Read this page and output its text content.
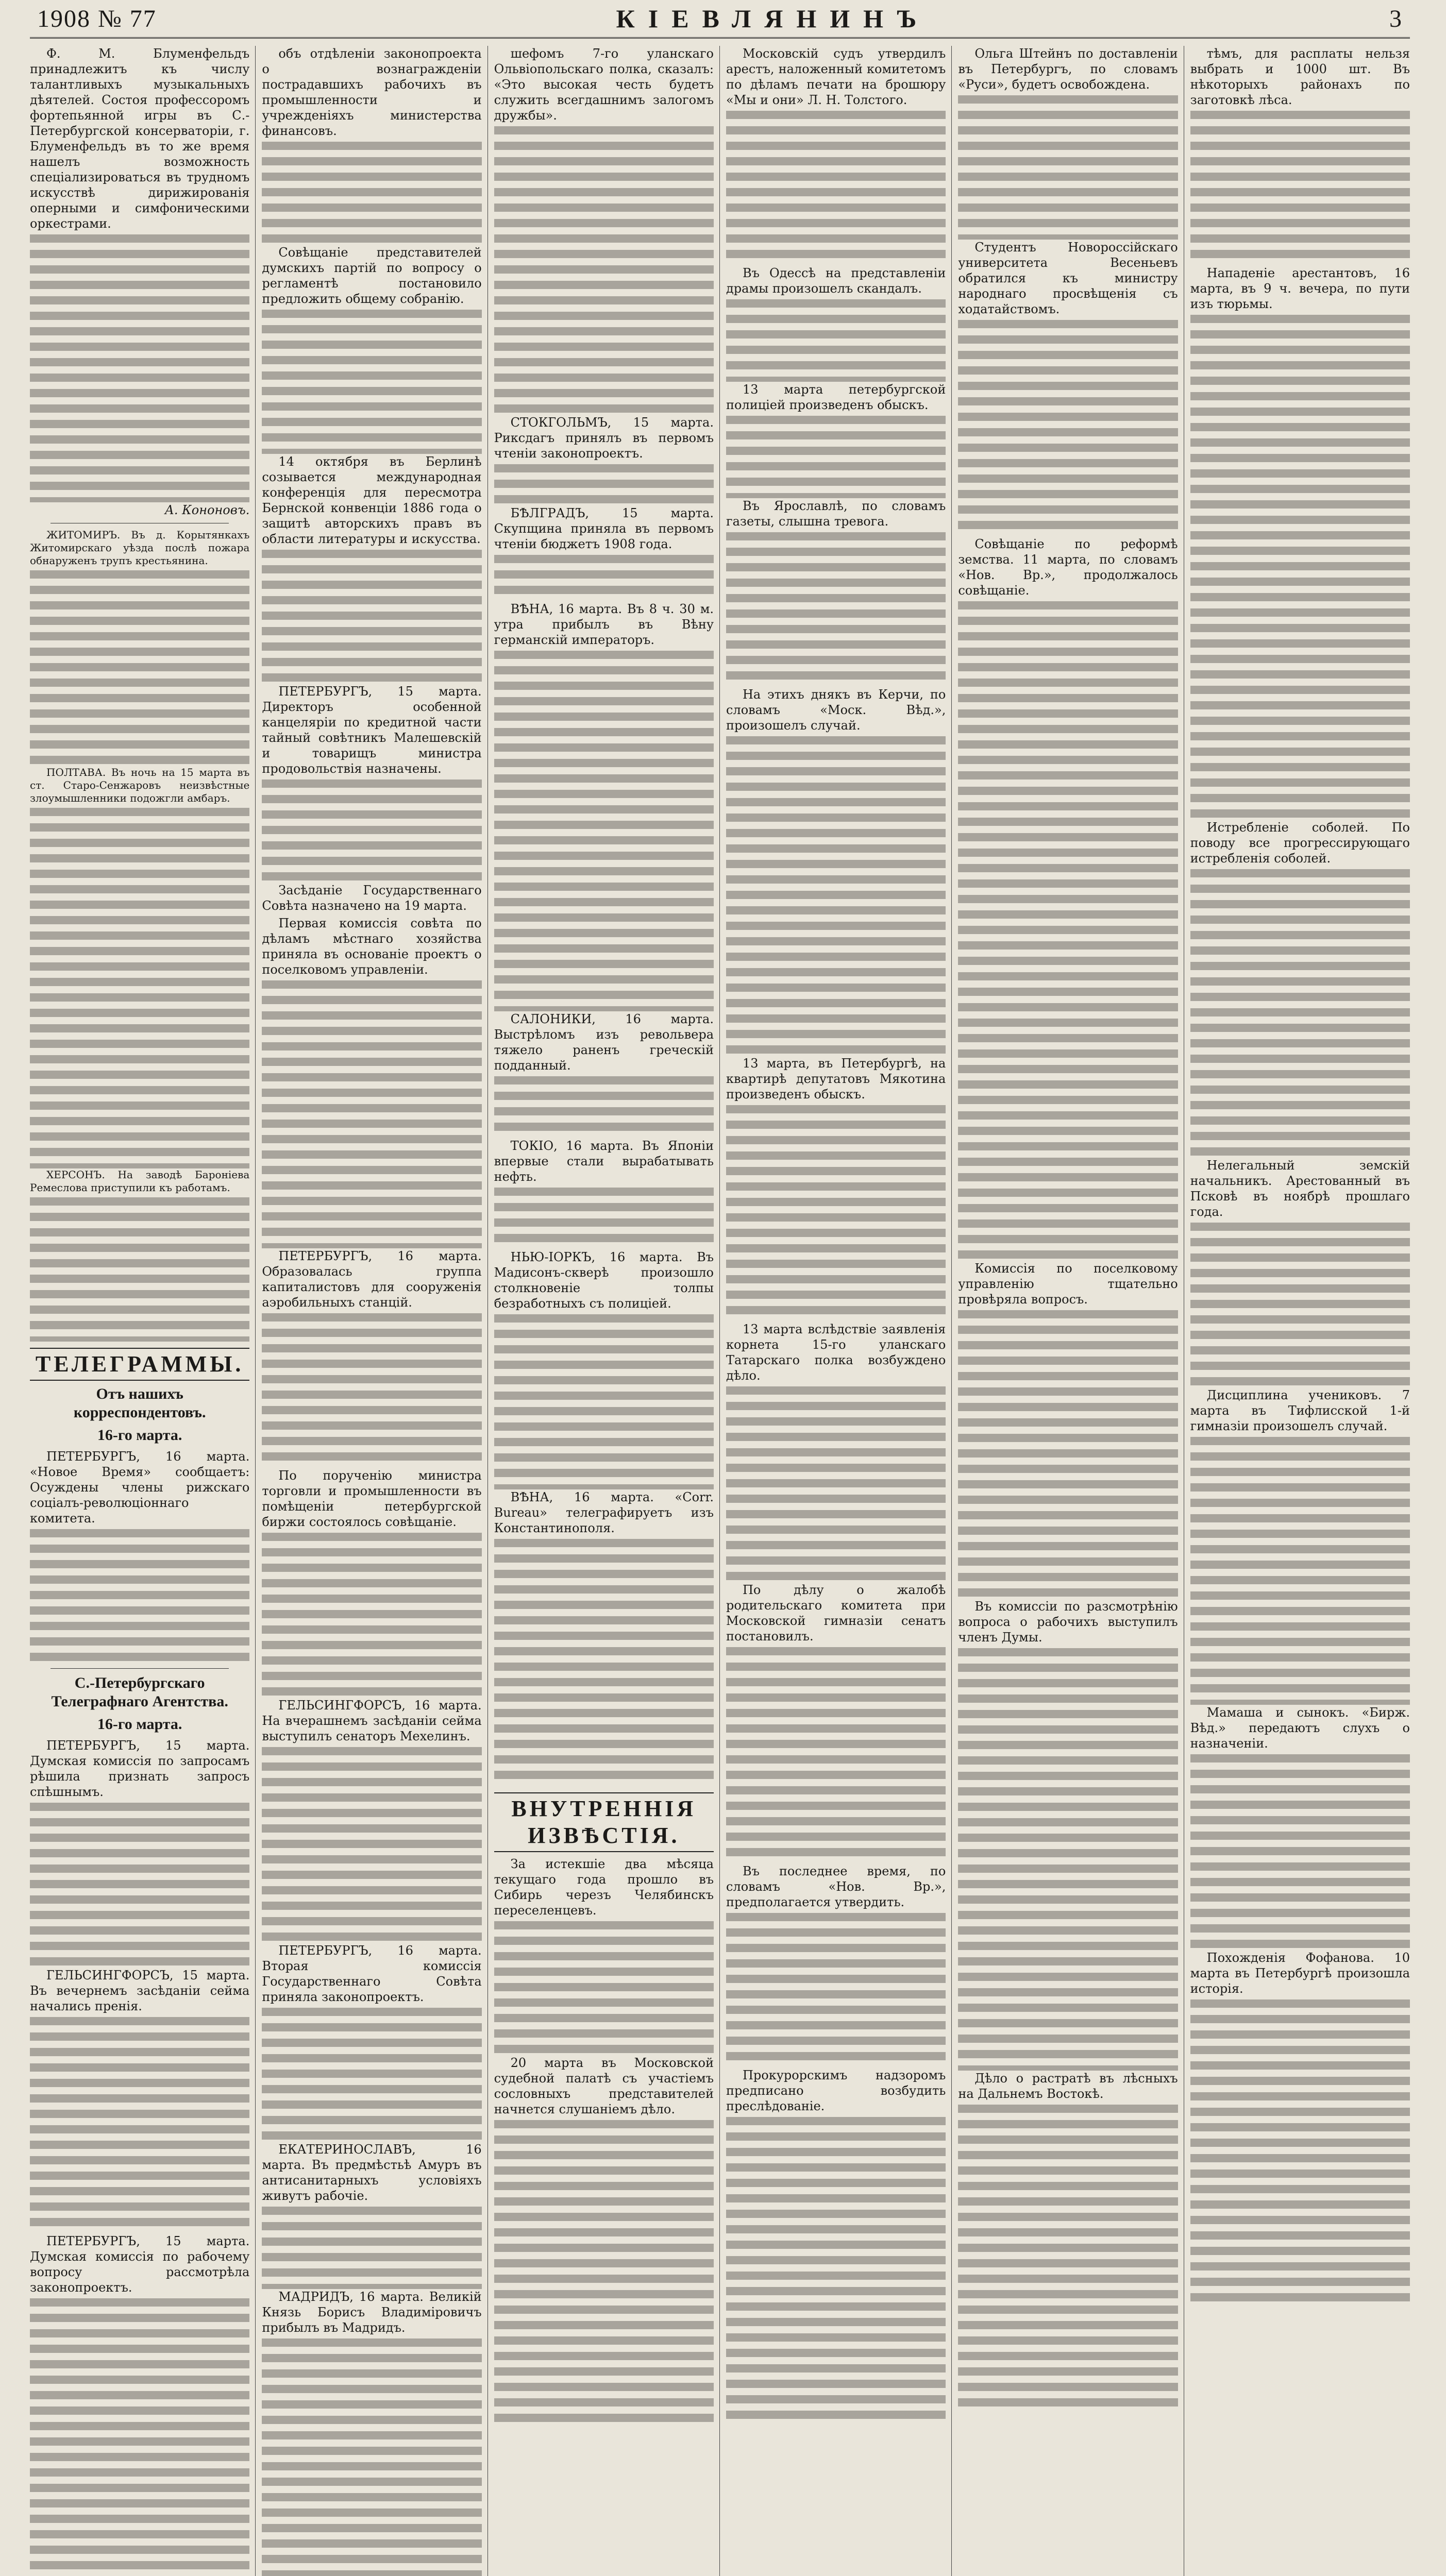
1908 № 77	КІЕВЛЯНИНЪ	3

Ф. М. Блуменфельдъ принадлежитъ къ числу талантливыхъ музыкальныхъ дѣятелей. Состоя профессоромъ фортепьянной игры въ С.-Петербургской консерваторіи, г. Блуменфельдъ въ то же время нашелъ возможность спеціализироваться въ трудномъ искусствѣ дирижированія оперными и симфоническими оркестрами.

А. Кононовъ.

ЖИТОМИРЪ. Въ д. Корытянкахъ Житомирскаго уѣзда послѣ пожара обнаруженъ трупъ крестьянина.

ПОЛТАВА. Въ ночь на 15 марта въ ст. Старо-Сенжаровъ неизвѣстные злоумышленники подожгли амбаръ.

ХЕРСОНЪ. На заводѣ Бароніева Ремеслова приступили къ работамъ.

ТЕЛЕГРАММЫ.
Отъ нашихъ корреспондентовъ.
16-го марта.

ПЕТЕРБУРГЪ, 16 марта. «Новое Время» сообщаетъ: Осуждены члены рижскаго соціалъ-революціоннаго комитета.

С.-Петербургскаго Телеграфнаго Агентства.
16-го марта.

ПЕТЕРБУРГЪ, 15 марта. Думская комиссія по запросамъ рѣшила признать запросъ спѣшнымъ.

ГЕЛЬСИНГФОРСЪ, 15 марта. Въ вечернемъ засѣданіи сейма начались пренія.

ПЕТЕРБУРГЪ, 15 марта. Думская комиссія по рабочему вопросу рассмотрѣла законопроектъ.

объ отдѣленіи законопроекта о вознагражденіи пострадавшихъ рабочихъ въ промышленности и учрежденіяхъ министерства финансовъ.

Совѣщаніе представителей думскихъ партій по вопросу о регламентѣ постановило предложить общему собранію.

14 октября въ Берлинѣ созывается международная конференція для пересмотра Бернской конвенціи 1886 года о защитѣ авторскихъ правъ въ области литературы и искусства.

ПЕТЕРБУРГЪ, 15 марта. Директоръ особенной канцеляріи по кредитной части тайный совѣтникъ Малешевскій и товарищъ министра продовольствія назначены.

Засѣданіе Государственнаго Совѣта назначено на 19 марта.

Первая комиссія совѣта по дѣламъ мѣстнаго хозяйства приняла въ основаніе проектъ о поселковомъ управленіи.

ПЕТЕРБУРГЪ, 16 марта. Образовалась группа капиталистовъ для сооруженія аэробильныхъ станцій.

По порученію министра торговли и промышленности въ помѣщеніи петербургской биржи состоялось совѣщаніе.

ГЕЛЬСИНГФОРСЪ, 16 марта. На вчерашнемъ засѣданіи сейма выступилъ сенаторъ Мехелинъ.

ПЕТЕРБУРГЪ, 16 марта. Вторая комиссія Государственнаго Совѣта приняла законопроектъ.

ЕКАТЕРИНОСЛАВЪ, 16 марта. Въ предмѣстьѣ Амуръ въ антисанитарныхъ условіяхъ живутъ рабочіе.

МАДРИДЪ, 16 марта. Великій Князь Борисъ Владиміровичъ прибылъ въ Мадридъ.

шефомъ 7-го уланскаго Ольвіопольскаго полка, сказалъ: «Это высокая честь будетъ служить всегдашнимъ залогомъ дружбы».

СТОКГОЛЬМЪ, 15 марта. Риксдагъ принялъ въ первомъ чтеніи законопроектъ.

БѢЛГРАДЪ, 15 марта. Скупщина приняла въ первомъ чтеніи бюджетъ 1908 года.

ВѢНА, 16 марта. Въ 8 ч. 30 м. утра прибылъ въ Вѣну германскій императоръ.

САЛОНИКИ, 16 марта. Выстрѣломъ изъ револьвера тяжело раненъ греческій подданный.

ТОКІО, 16 марта. Въ Японіи впервые стали вырабатывать нефть.

НЬЮ-ІОРКЪ, 16 марта. Въ Мадисонъ-скверѣ произошло столкновеніе толпы безработныхъ съ полиціей.

ВѢНА, 16 марта. «Corr. Bureau» телеграфируетъ изъ Константинополя.

ВНУТРЕННІЯ ИЗВѢСТІЯ.

За истекшіе два мѣсяца текущаго года прошло въ Сибирь черезъ Челябинскъ переселенцевъ.

20 марта въ Московской судебной палатѣ съ участіемъ сословныхъ представителей начнется слушаніемъ дѣло.

Московскій судъ утвердилъ арестъ, наложенный комитетомъ по дѣламъ печати на брошюру «Мы и они» Л. Н. Толстого.

Въ Одессѣ на представленіи драмы произошелъ скандалъ.

13 марта петербургской полиціей произведенъ обыскъ.

Въ Ярославлѣ, по словамъ газеты, слышна тревога.

На этихъ днякъ въ Керчи, по словамъ «Моск. Вѣд.», произошелъ случай.

13 марта, въ Петербургѣ, на квартирѣ депутатовъ Мякотина произведенъ обыскъ.

13 марта вслѣдствіе заявленія корнета 15-го уланскаго Татарскаго полка возбуждено дѣло.

По дѣлу о жалобѣ родительскаго комитета при Московской гимназіи сенатъ постановилъ.

Въ последнее время, по словамъ «Нов. Вр.», предполагается утвердить.

Прокурорскимъ надзоромъ предписано возбудить преслѣдованіе.

Ольга Штейнъ по доставленіи въ Петербургъ, по словамъ «Руси», будетъ освобождена.

Студентъ Новороссійскаго университета Весеньевъ обратился къ министру народнаго просвѣщенія съ ходатайствомъ.

Совѣщаніе по реформѣ земства. 11 марта, по словамъ «Нов. Вр.», продолжалось совѣщаніе.

Комиссія по поселковому управленію тщательно провѣряла вопросъ.

Въ комиссіи по разсмотрѣнію вопроса о рабочихъ выступилъ членъ Думы.

Дѣло о растратѣ въ лѣсныхъ на Дальнемъ Востокѣ.

тѣмъ, для расплаты нельзя выбрать и 1000 шт. Въ нѣкоторыхъ районахъ по заготовкѣ лѣса.

Нападеніе арестантовъ, 16 марта, въ 9 ч. вечера, по пути изъ тюрьмы.

Истребленіе соболей. По поводу все прогрессирующаго истребленія соболей.

Нелегальный земскій начальникъ. Арестованный въ Псковѣ въ ноябрѣ прошлаго года.

Дисциплина учениковъ. 7 марта въ Тифлисской 1-й гимназіи произошелъ случай.

Мамаша и сынокъ. «Бирж. Вѣд.» передаютъ слухъ о назначеніи.

Похожденія Фофанова. 10 марта въ Петербургѣ произошла исторія.
